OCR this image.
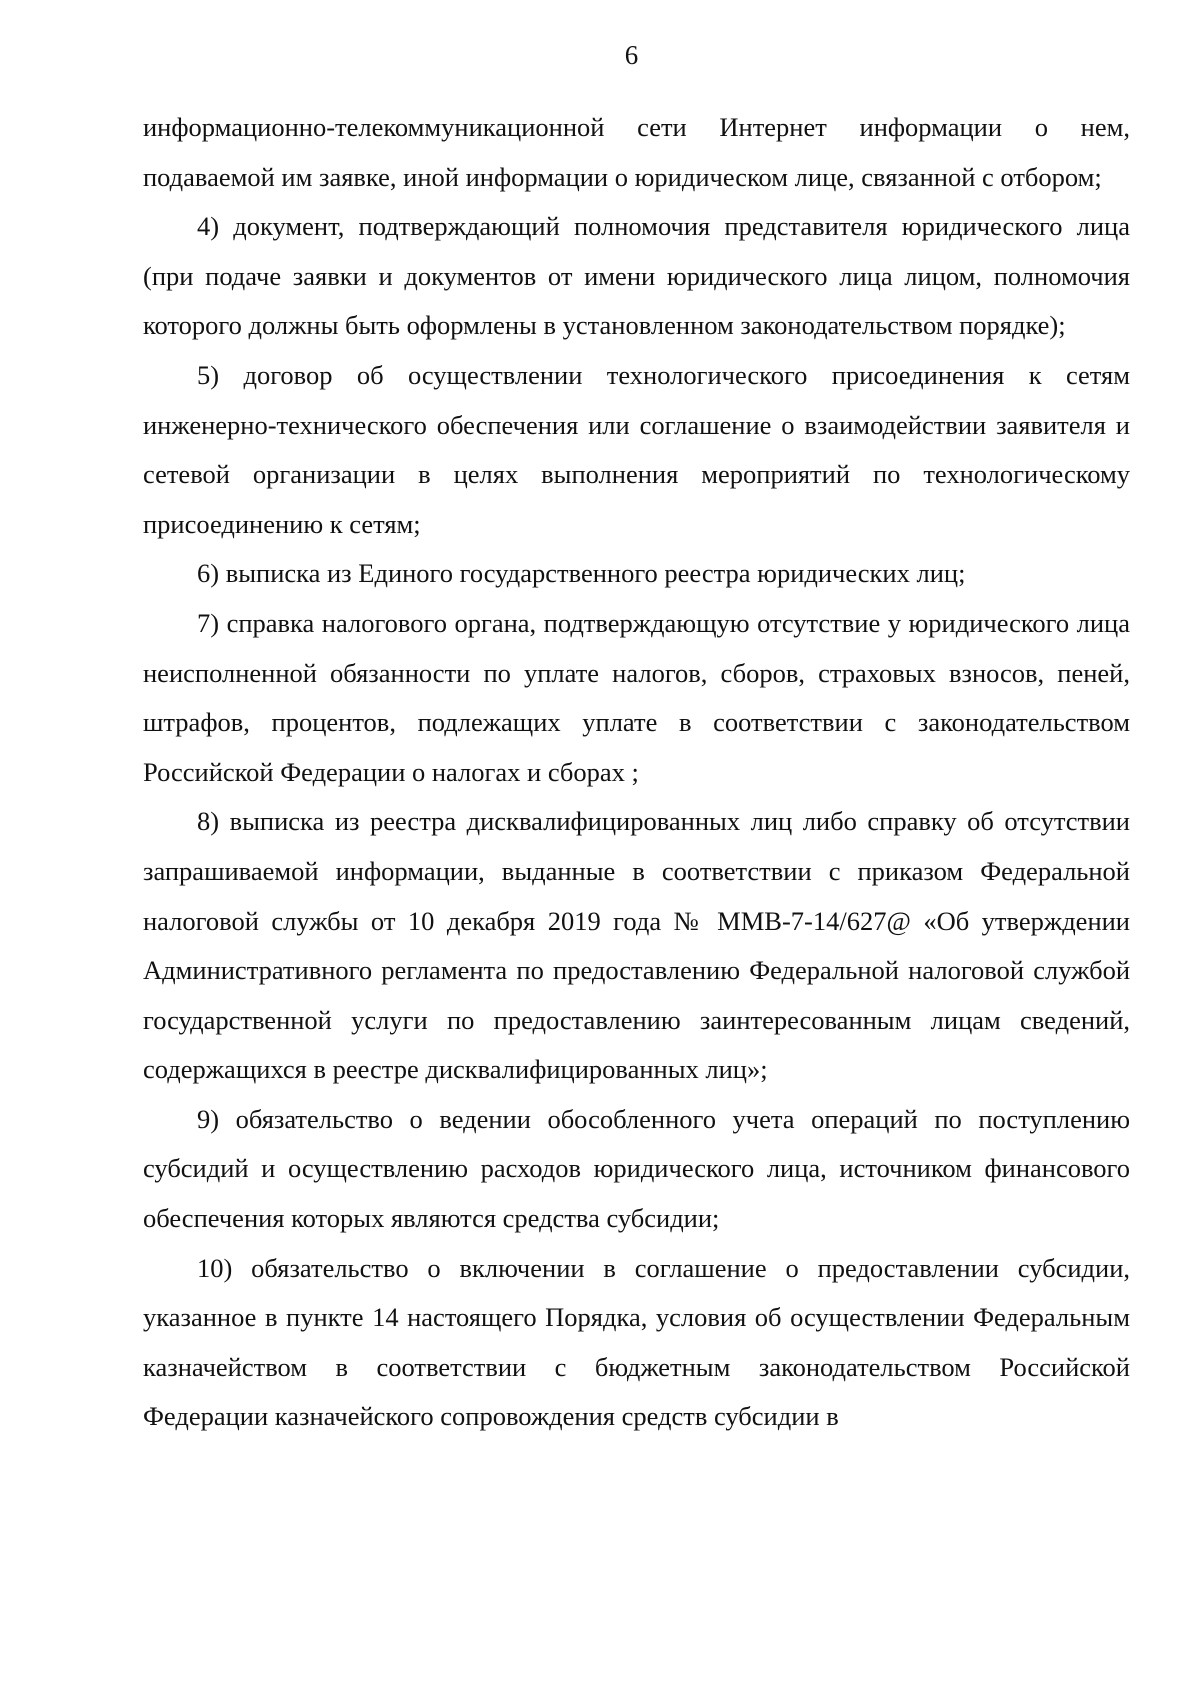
6

информационно-телекоммуникационной сети Интернет информации о нем, подаваемой им заявке, иной информации о юридическом лице, связанной с отбором;

4) документ, подтверждающий полномочия представителя юридического лица (при подаче заявки и документов от имени юридического лица лицом, полномочия которого должны быть оформлены в установленном законодательством порядке);

5) договор об осуществлении технологического присоединения к сетям инженерно-технического обеспечения или соглашение о взаимодействии заявителя и сетевой организации в целях выполнения мероприятий по технологическому присоединению к сетям;

6) выписка из Единого государственного реестра юридических лиц;

7) справка налогового органа, подтверждающую отсутствие у юридического лица неисполненной обязанности по уплате налогов, сборов, страховых взносов, пеней, штрафов, процентов, подлежащих уплате в соответствии с законодательством Российской Федерации о налогах и сборах ;

8) выписка из реестра дисквалифицированных лиц либо справку об отсутствии запрашиваемой информации, выданные в соответствии с приказом Федеральной налоговой службы от 10 декабря 2019 года № ММВ-7-14/627@ «Об утверждении Административного регламента по предоставлению Федеральной налоговой службой государственной услуги по предоставлению заинтересованным лицам сведений, содержащихся в реестре дисквалифицированных лиц»;

9) обязательство о ведении обособленного учета операций по поступлению субсидий и осуществлению расходов юридического лица, источником финансового обеспечения которых являются средства субсидии;

10) обязательство о включении в соглашение о предоставлении субсидии, указанное в пункте 14 настоящего Порядка, условия об осуществлении Федеральным казначейством в соответствии с бюджетным законодательством Российской Федерации казначейского сопровождения средств субсидии в
